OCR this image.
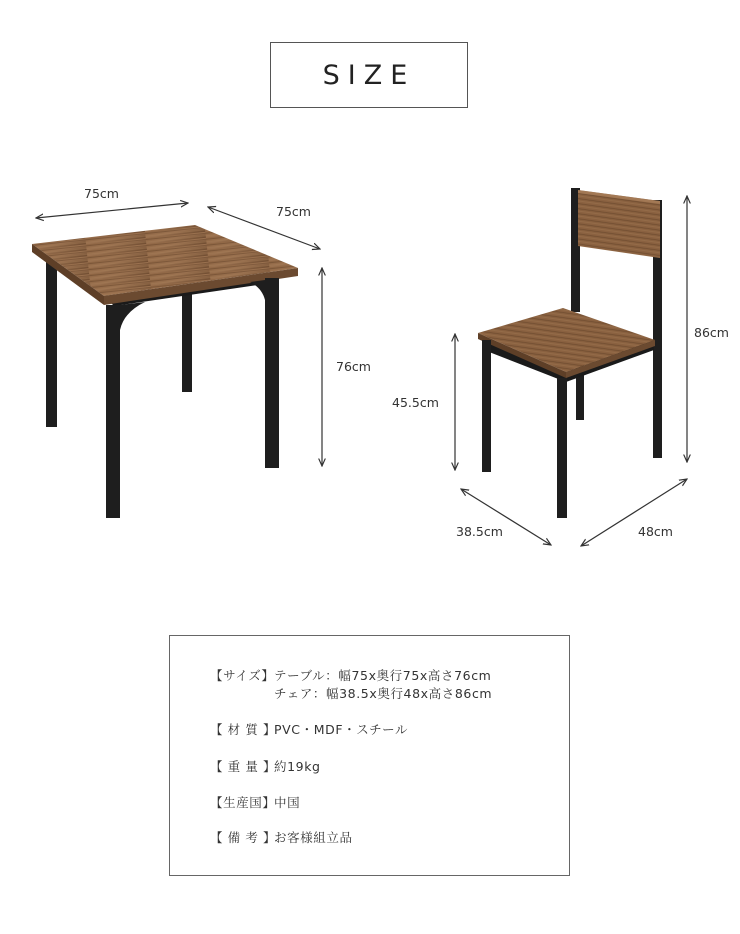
SIZE
75cm
75cm
76cm
86cm
45.5cm
38.5cm	48cm
【サイズ】テーブル：幅75x奥行75x高さ76cm
チェア：幅38.5x奥行48x高さ86cm
【 材 質 】PVC・MDF・スチール
【 重 量 】約19kg
【生産国】中国
【 備 考 】お客様組立品
